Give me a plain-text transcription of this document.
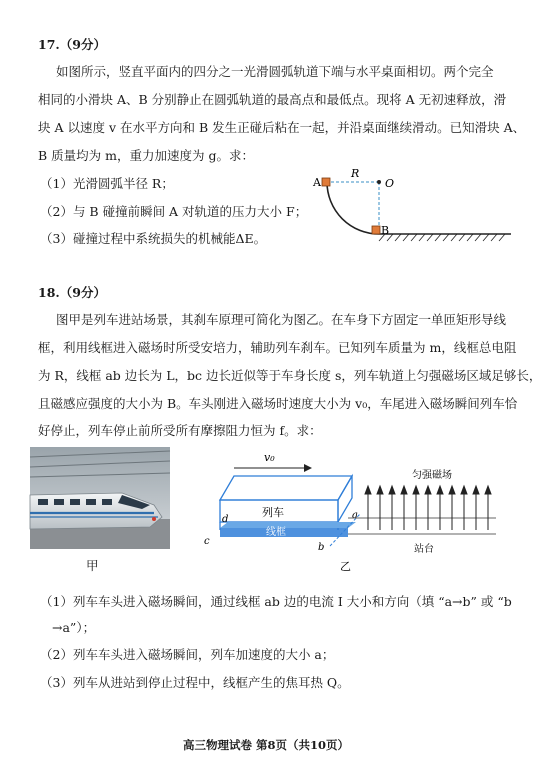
17.（9分）
如图所示，竖直平面内的四分之一光滑圆弧轨道下端与水平桌面相切。两个完全
相同的小滑块 A、B 分别静止在圆弧轨道的最高点和最低点。现将 A 无初速释放，滑
块 A 以速度 v 在水平方向和 B 发生正碰后粘在一起，并沿桌面继续滑动。已知滑块 A、
B 质量均为 m，重力加速度为 g。求：
（1）光滑圆弧半径 R；
（2）与 B 碰撞前瞬间 A 对轨道的压力大小 F；
（3）碰撞过程中系统损失的机械能ΔE。
R
O
A
B
18.（9分）
图甲是列车进站场景，其刹车原理可简化为图乙。在车身下方固定一单匝矩形导线
框，利用线框进入磁场时所受安培力，辅助列车刹车。已知列车质量为 m，线框总电阻
为 R，线框 ab 边长为 L，bc 边长近似等于车身长度 s，列车轨道上匀强磁场区域足够长，
且磁感应强度的大小为 B。车头刚进入磁场时速度大小为 v₀，车尾进入磁场瞬间列车恰
好停止，列车停止前所受所有摩擦阻力恒为 f。求：
甲
v₀
列车
线框
d
c
a
b	站台
匀强磁场
乙
（1）列车车头进入磁场瞬间，通过线框 ab 边的电流 I 大小和方向（填 “a→b” 或 “b
→a”）；
（2）列车车头进入磁场瞬间，列车加速度的大小 a；
（3）列车从进站到停止过程中，线框产生的焦耳热 Q。
高三物理试卷 第8页（共10页）
